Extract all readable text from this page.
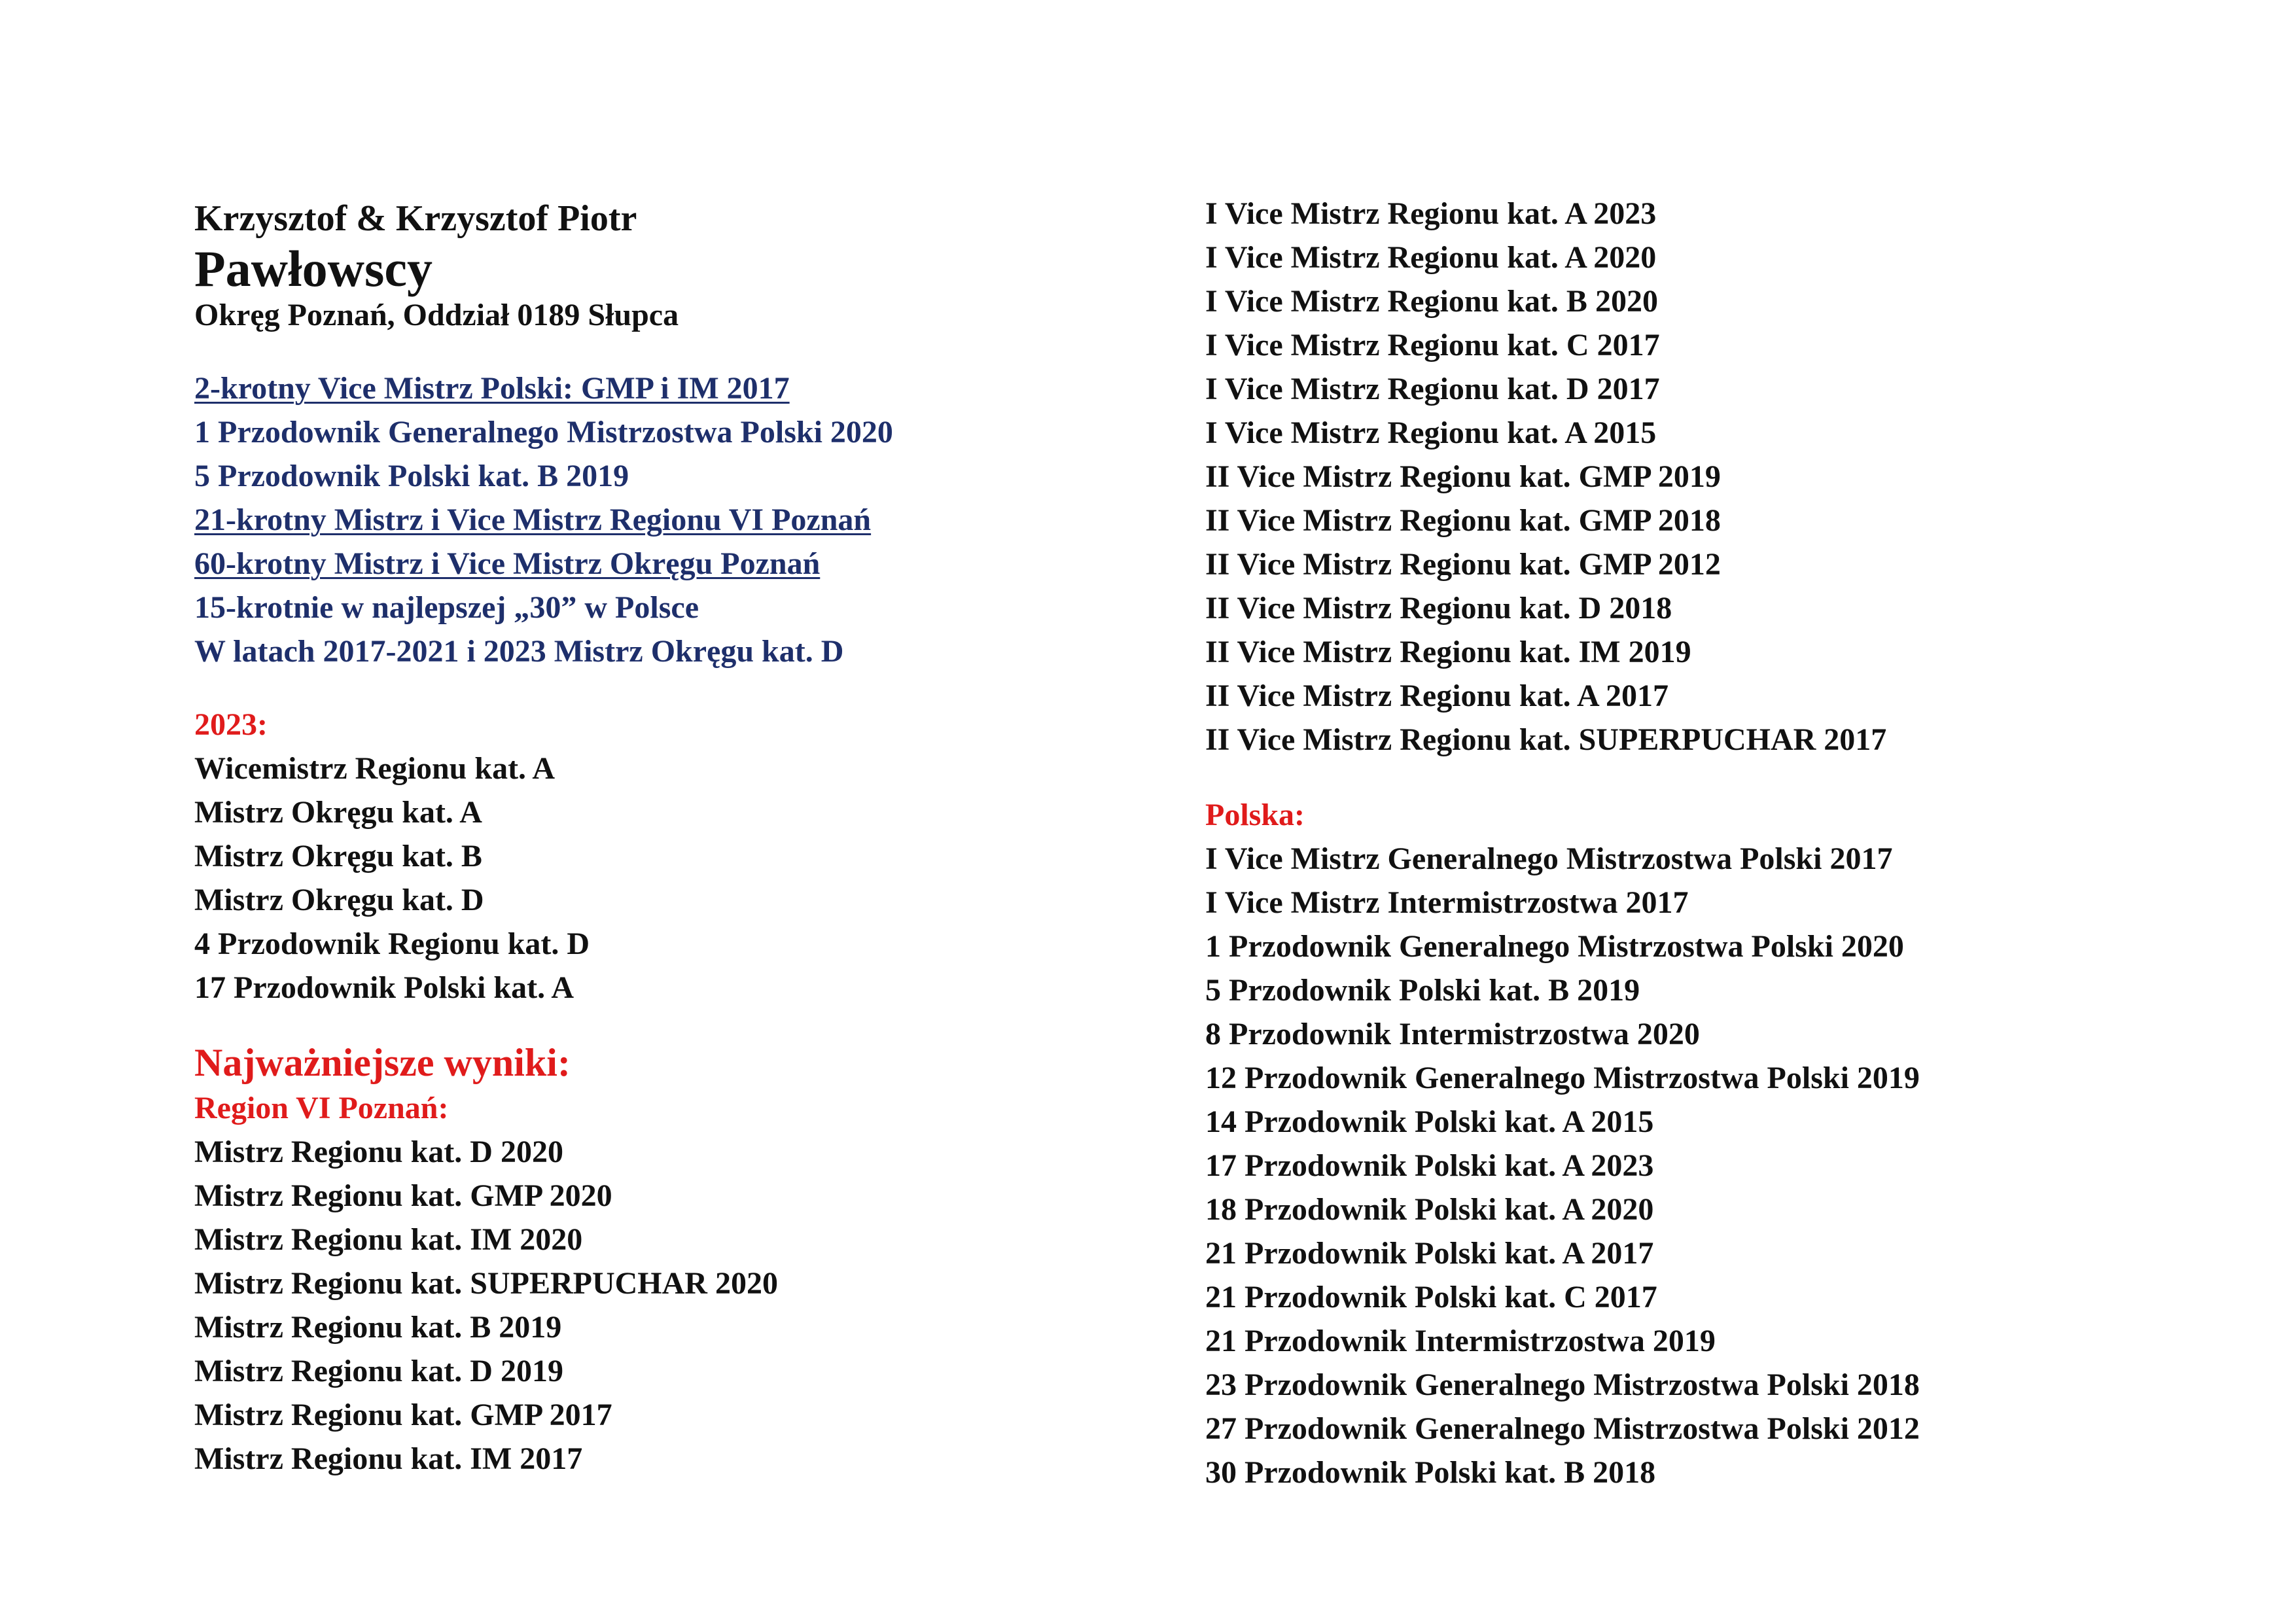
Krzysztof & Krzysztof Piotr
Pawłowscy
Okręg Poznań, Oddział 0189 Słupca
2-krotny Vice Mistrz Polski: GMP i IM 2017
1 Przodownik Generalnego Mistrzostwa Polski 2020
5 Przodownik Polski kat. B 2019
21-krotny Mistrz i Vice Mistrz Regionu VI Poznań
60-krotny Mistrz i Vice Mistrz Okręgu Poznań
15-krotnie w najlepszej „30” w Polsce
W latach 2017-2021 i 2023 Mistrz Okręgu kat. D
2023:
Wicemistrz Regionu kat. A
Mistrz Okręgu kat. A
Mistrz Okręgu kat. B
Mistrz Okręgu kat. D
4 Przodownik Regionu kat. D
17 Przodownik Polski kat. A
Najważniejsze wyniki:
Region VI Poznań:
Mistrz Regionu kat. D 2020
Mistrz Regionu kat. GMP 2020
Mistrz Regionu kat. IM 2020
Mistrz Regionu kat. SUPERPUCHAR 2020
Mistrz Regionu kat. B 2019
Mistrz Regionu kat. D 2019
Mistrz Regionu kat. GMP 2017
Mistrz Regionu kat. IM 2017
I Vice Mistrz Regionu kat. A 2023
I Vice Mistrz Regionu kat. A 2020
I Vice Mistrz Regionu kat. B 2020
I Vice Mistrz Regionu kat. C 2017
I Vice Mistrz Regionu kat. D 2017
I Vice Mistrz Regionu kat. A 2015
II Vice Mistrz Regionu kat. GMP 2019
II Vice Mistrz Regionu kat. GMP 2018
II Vice Mistrz Regionu kat. GMP 2012
II Vice Mistrz Regionu kat. D 2018
II Vice Mistrz Regionu kat. IM 2019
II Vice Mistrz Regionu kat. A 2017
II Vice Mistrz Regionu kat. SUPERPUCHAR 2017
Polska:
I Vice Mistrz Generalnego Mistrzostwa Polski 2017
I Vice Mistrz Intermistrzostwa 2017
1 Przodownik Generalnego Mistrzostwa Polski 2020
5 Przodownik Polski kat. B 2019
8 Przodownik Intermistrzostwa 2020
12 Przodownik Generalnego Mistrzostwa Polski 2019
14 Przodownik Polski kat. A 2015
17 Przodownik Polski kat. A 2023
18 Przodownik Polski kat. A 2020
21 Przodownik Polski kat. A 2017
21 Przodownik Polski kat. C 2017
21 Przodownik Intermistrzostwa 2019
23 Przodownik Generalnego Mistrzostwa Polski 2018
27 Przodownik Generalnego Mistrzostwa Polski 2012
30 Przodownik Polski kat. B 2018
